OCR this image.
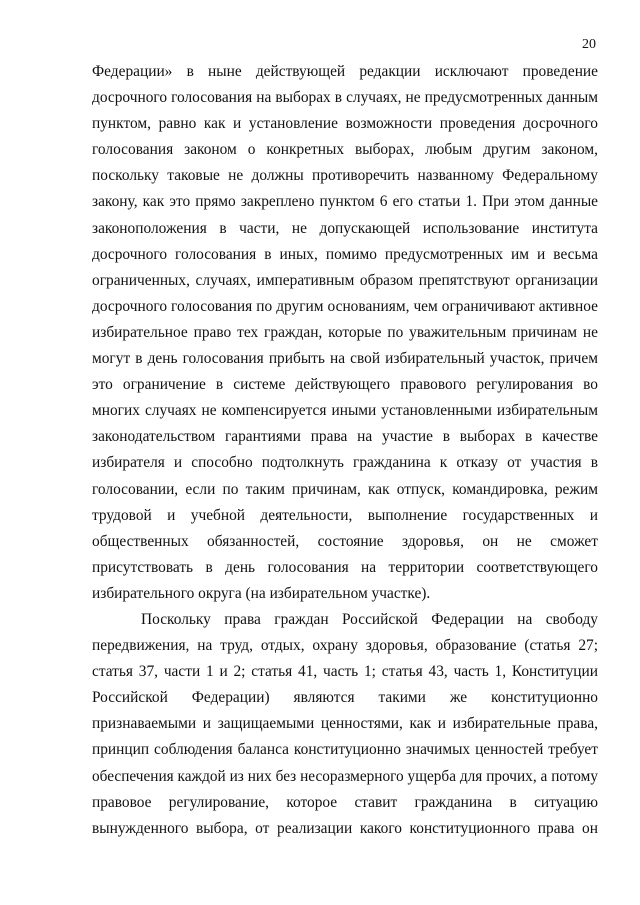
20
Федерации» в ныне действующей редакции исключают проведение
досрочного голосования на выборах в случаях, не предусмотренных данным
пунктом, равно как и установление возможности проведения досрочного
голосования законом о конкретных выборах, любым другим законом,
поскольку таковые не должны противоречить названному Федеральному
закону, как это прямо закреплено пунктом 6 его статьи 1. При этом данные
законоположения в части, не допускающей использование института
досрочного голосования в иных, помимо предусмотренных им и весьма
ограниченных, случаях, императивным образом препятствуют организации
досрочного голосования по другим основаниям, чем ограничивают активное
избирательное право тех граждан, которые по уважительным причинам не
могут в день голосования прибыть на свой избирательный участок, причем
это ограничение в системе действующего правового регулирования во
многих случаях не компенсируется иными установленными избирательным
законодательством гарантиями права на участие в выборах в качестве
избирателя и способно подтолкнуть гражданина к отказу от участия в
голосовании, если по таким причинам, как отпуск, командировка, режим
трудовой и учебной деятельности, выполнение государственных и
общественных обязанностей, состояние здоровья, он не сможет
присутствовать в день голосования на территории соответствующего
избирательного округа (на избирательном участке).
Поскольку права граждан Российской Федерации на свободу
передвижения, на труд, отдых, охрану здоровья, образование (статья 27;
статья 37, части 1 и 2; статья 41, часть 1; статья 43, часть 1, Конституции
Российской Федерации) являются такими же конституционно
признаваемыми и защищаемыми ценностями, как и избирательные права,
принцип соблюдения баланса конституционно значимых ценностей требует
обеспечения каждой из них без несоразмерного ущерба для прочих, а потому
правовое регулирование, которое ставит гражданина в ситуацию
вынужденного выбора, от реализации какого конституционного права он
